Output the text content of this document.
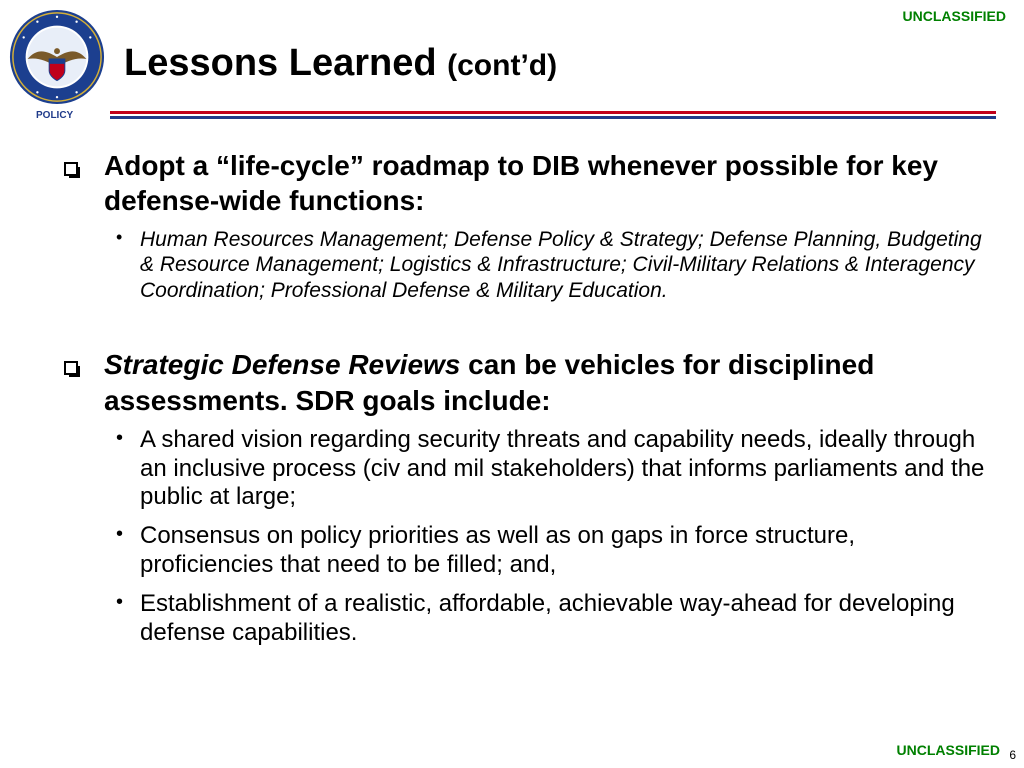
UNCLASSIFIED
POLICY
Lessons Learned (cont’d)

Adopt a “life-cycle” roadmap to DIB whenever possible for key defense-wide functions:

• Human Resources Management; Defense Policy & Strategy; Defense Planning, Budgeting & Resource Management; Logistics & Infrastructure; Civil-Military Relations & Interagency Coordination; Professional Defense & Military Education.

Strategic Defense Reviews can be vehicles for disciplined assessments. SDR goals include:

• A shared vision regarding security threats and capability needs, ideally through an inclusive process (civ and mil stakeholders) that informs parliaments and the public at large;
• Consensus on policy priorities as well as on gaps in force structure, proficiencies that need to be filled; and,
• Establishment of a realistic, affordable, achievable way-ahead for developing defense capabilities.
UNCLASSIFIED 6
